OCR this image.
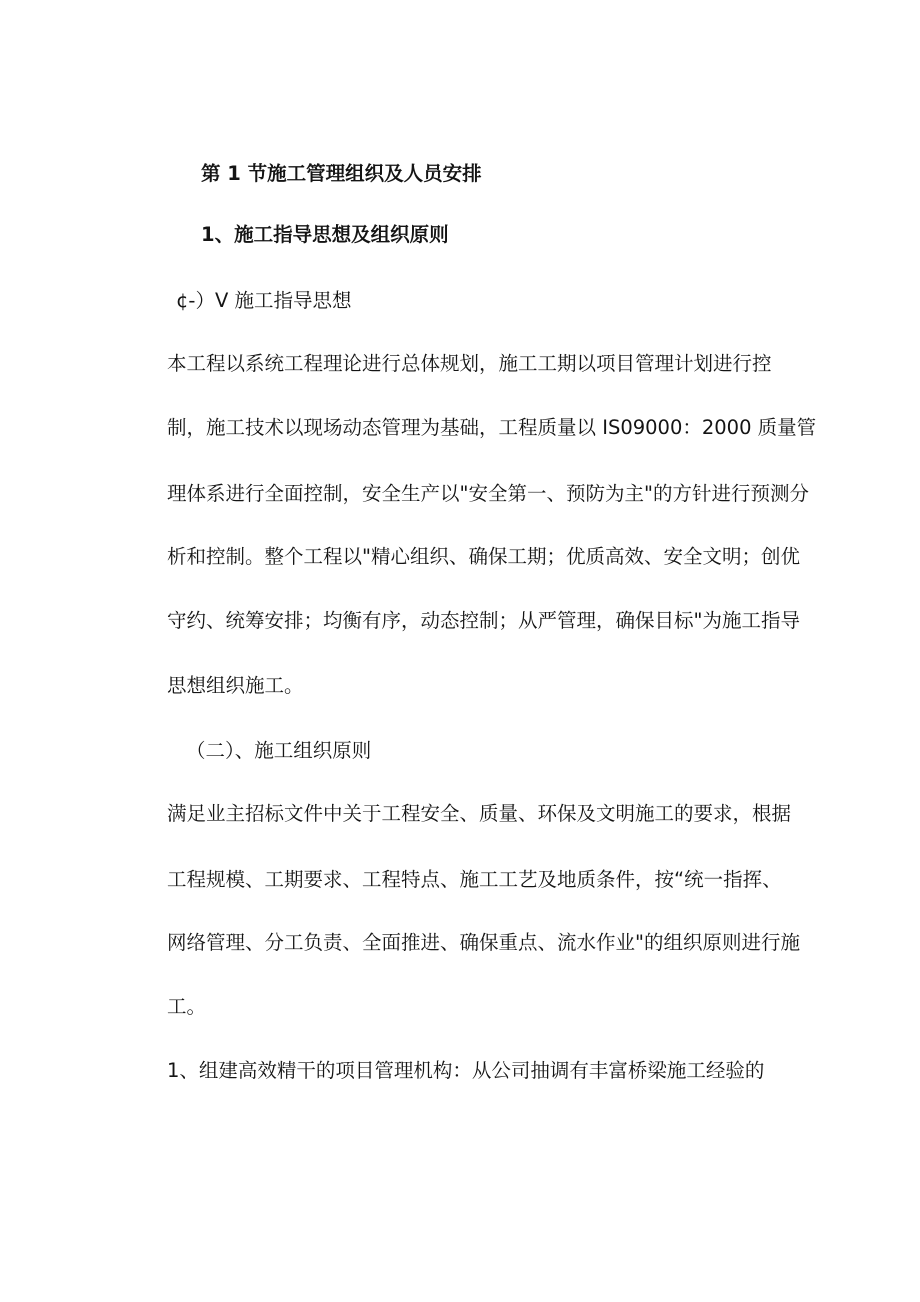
第 1 节施工管理组织及人员安排
1、施工指导思想及组织原则
¢-）V 施工指导思想
本工程以系统工程理论进行总体规划，施工工期以项目管理计划进行控
制，施工技术以现场动态管理为基础，工程质量以 IS09000：2000 质量管
理体系进行全面控制，安全生产以"安全第一、预防为主"的方针进行预测分
析和控制。整个工程以"精心组织、确保工期；优质高效、安全文明；创优
守约、统筹安排；均衡有序，动态控制；从严管理，确保目标"为施工指导
思想组织施工。
（二）、施工组织原则
满足业主招标文件中关于工程安全、质量、环保及文明施工的要求，根据
工程规模、工期要求、工程特点、施工工艺及地质条件，按“统一指挥、
网络管理、分工负责、全面推进、确保重点、流水作业"的组织原则进行施
工。
1、组建高效精干的项目管理机构：从公司抽调有丰富桥梁施工经验的
